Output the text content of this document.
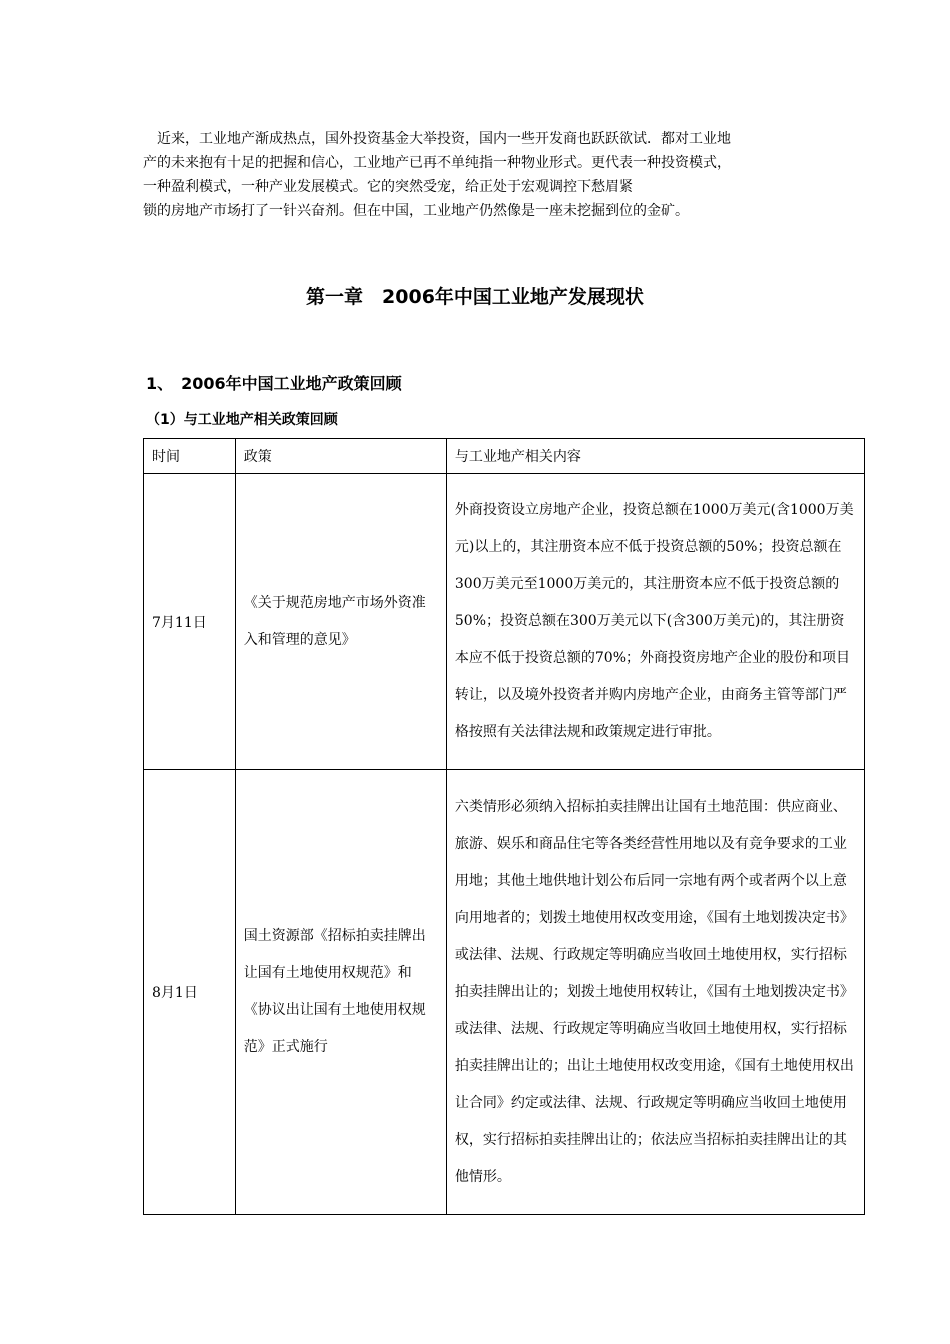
　近来，工业地产渐成热点，国外投资基金大举投资，国内一些开发商也跃跃欲试．都对工业地
产的未来抱有十足的把握和信心，工业地产已再不单纯指一种物业形式。更代表一种投资模式，
一种盈利模式，一种产业发展模式。它的突然受宠，给正处于宏观调控下愁眉紧
锁的房地产市场打了一针兴奋剂。但在中国，工业地产仍然像是一座未挖掘到位的金矿。
第一章　2006年中国工业地产发展现状
1、　2006年中国工业地产政策回顾
（1）与工业地产相关政策回顾
时间	政策	与工业地产相关内容
7月11日	《关于规范房地产市场外资准入和管理的意见》	外商投资设立房地产企业，投资总额在1000万美元(含1000万美元)以上的，其注册资本应不低于投资总额的50%；投资总额在300万美元至1000万美元的，其注册资本应不低于投资总额的50%；投资总额在300万美元以下(含300万美元)的，其注册资本应不低于投资总额的70%；外商投资房地产企业的股份和项目转让，以及境外投资者并购内房地产企业，由商务主管等部门严格按照有关法律法规和政策规定进行审批。
8月1日	国土资源部《招标拍卖挂牌出让国有土地使用权规范》和《协议出让国有土地使用权规范》正式施行	六类情形必须纳入招标拍卖挂牌出让国有土地范围：供应商业、旅游、娱乐和商品住宅等各类经营性用地以及有竞争要求的工业用地；其他土地供地计划公布后同一宗地有两个或者两个以上意向用地者的；划拨土地使用权改变用途，《国有土地划拨决定书》或法律、法规、行政规定等明确应当收回土地使用权，实行招标拍卖挂牌出让的；划拨土地使用权转让，《国有土地划拨决定书》或法律、法规、行政规定等明确应当收回土地使用权，实行招标拍卖挂牌出让的；出让土地使用权改变用途，《国有土地使用权出让合同》约定或法律、法规、行政规定等明确应当收回土地使用权，实行招标拍卖挂牌出让的；依法应当招标拍卖挂牌出让的其他情形。
